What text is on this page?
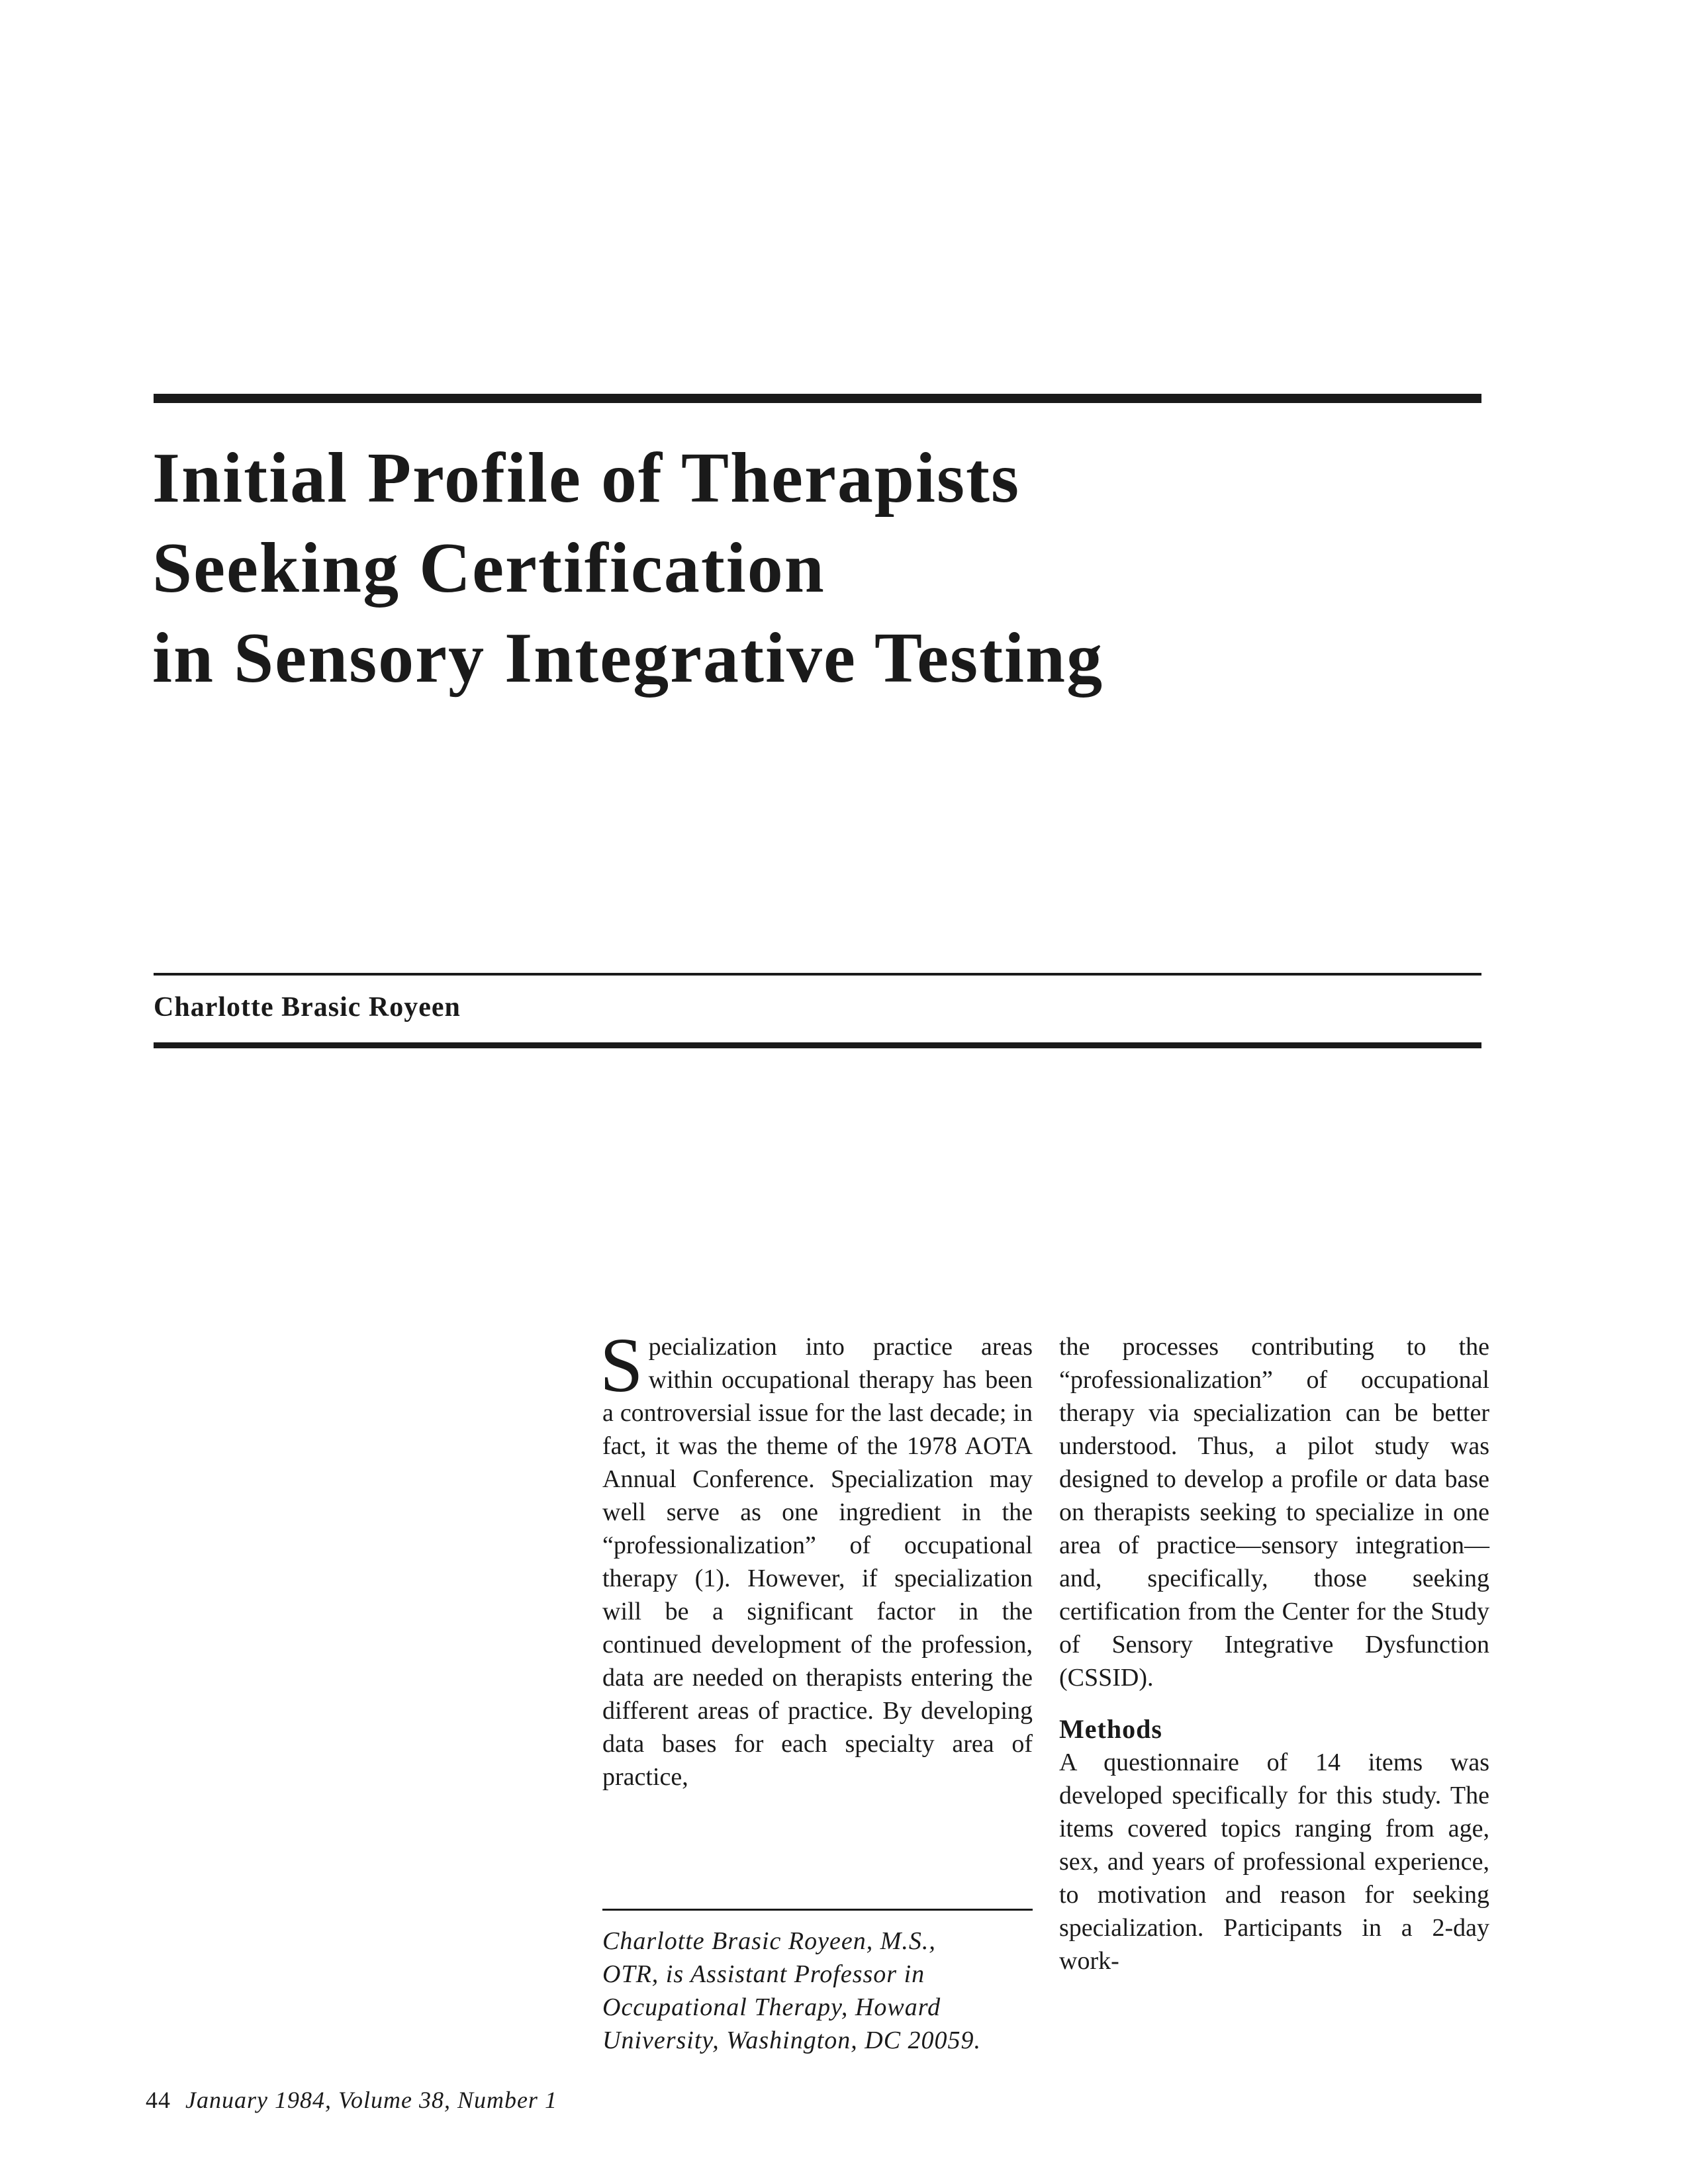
Initial Profile of Therapists
Seeking Certification
in Sensory Integrative Testing
Charlotte Brasic Royeen

Specialization into practice areas within occupational therapy has been a controversial issue for the last decade; in fact, it was the theme of the 1978 AOTA Annual Conference. Specialization may well serve as one ingredient in the “professionalization” of occupational therapy (1). However, if specialization will be a significant factor in the continued development of the profession, data are needed on therapists entering the different areas of practice. By developing data bases for each specialty area of practice,

the processes contributing to the “professionalization” of occupational therapy via specialization can be better understood. Thus, a pilot study was designed to develop a profile or data base on therapists seeking to specialize in one area of practice—sensory integration—and, specifically, those seeking certification from the Center for the Study of Sensory Integrative Dysfunction (CSSID).

Methods

A questionnaire of 14 items was developed specifically for this study. The items covered topics ranging from age, sex, and years of professional experience, to motivation and reason for seeking specialization. Participants in a 2-day work-

Charlotte Brasic Royeen, M.S.,
OTR, is Assistant Professor in
Occupational Therapy, Howard
University, Washington, DC 20059.
44 January 1984, Volume 38, Number 1
